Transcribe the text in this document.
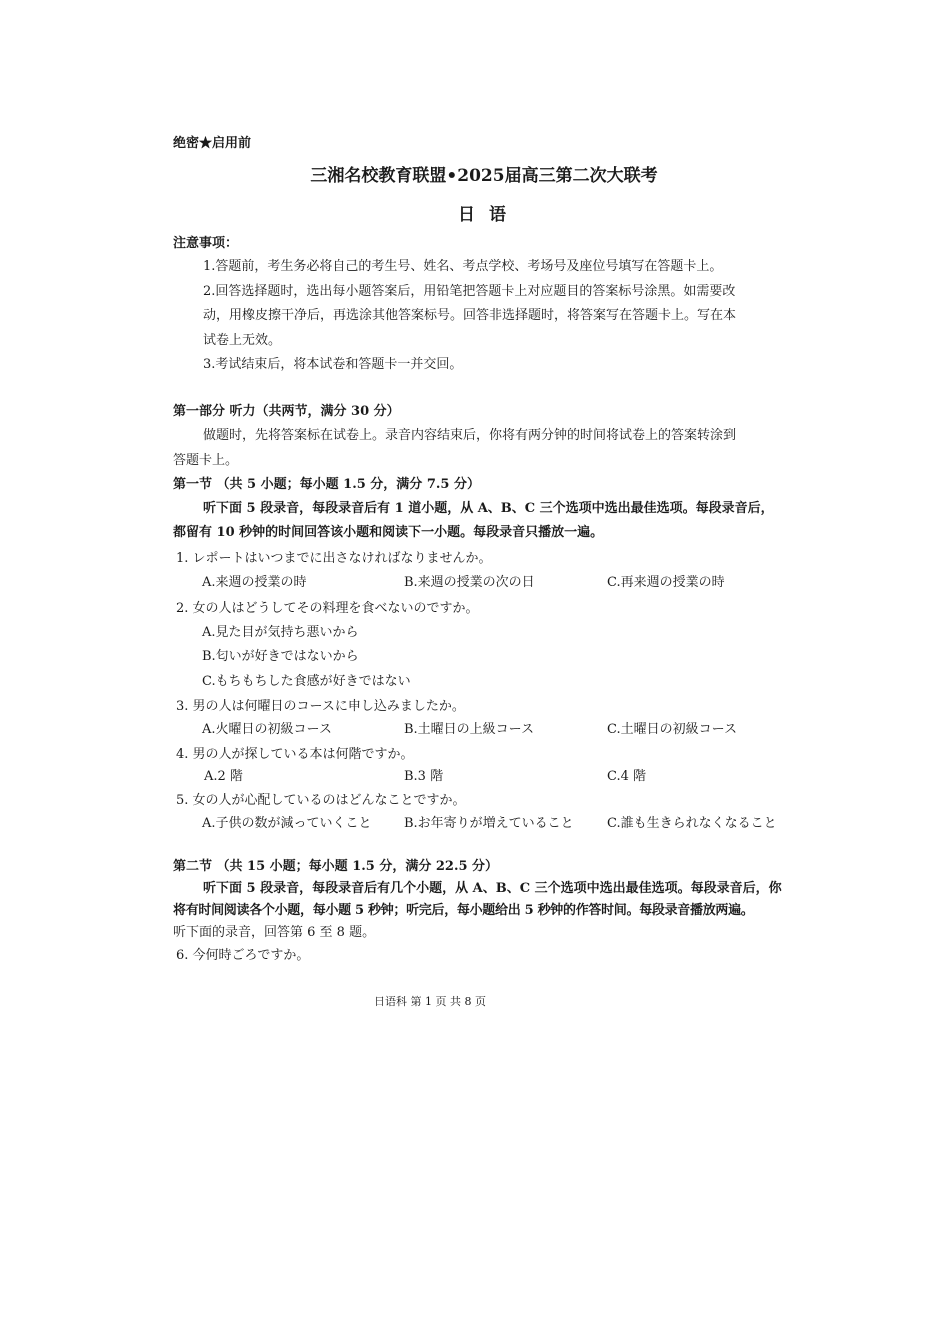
绝密★启用前
三湘名校教育联盟•2025届高三第二次大联考
日 语
注意事项：
1.答题前，考生务必将自己的考生号、姓名、考点学校、考场号及座位号填写在答题卡上。
2.回答选择题时，选出每小题答案后，用铅笔把答题卡上对应题目的答案标号涂黑。如需要改
动，用橡皮擦干净后，再选涂其他答案标号。回答非选择题时，将答案写在答题卡上。写在本
试卷上无效。
3.考试结束后，将本试卷和答题卡一并交回。
第一部分 听力（共两节，满分 30 分）
做题时，先将答案标在试卷上。录音内容结束后，你将有两分钟的时间将试卷上的答案转涂到
答题卡上。
第一节 （共 5 小题；每小题 1.5 分，满分 7.5 分）
听下面 5 段录音，每段录音后有 1 道小题，从 A、B、C 三个选项中选出最佳选项。每段录音后，
都留有 10 秒钟的时间回答该小题和阅读下一小题。每段录音只播放一遍。
1. レポートはいつまでに出さなければなりませんか。
A.来週の授業の時	B.来週の授業の次の日	C.再来週の授業の時
2. 女の人はどうしてその料理を食べないのですか。
A.見た目が気持ち悪いから
B.匂いが好きではないから
C.もちもちした食感が好きではない
3. 男の人は何曜日のコースに申し込みましたか。
A.火曜日の初級コース	B.土曜日の上級コース	C.土曜日の初級コース
4. 男の人が探している本は何階ですか。
A.2 階	B.3 階	C.4 階
5. 女の人が心配しているのはどんなことですか。
A.子供の数が減っていくこと B.お年寄りが増えていること	C.誰も生きられなくなること
第二节 （共 15 小题；每小题 1.5 分，满分 22.5 分）
听下面 5 段录音，每段录音后有几个小题，从 A、B、C 三个选项中选出最佳选项。每段录音后，你
将有时间阅读各个小题，每小题 5 秒钟；听完后，每小题给出 5 秒钟的作答时间。每段录音播放两遍。
听下面的录音，回答第 6 至 8 题。
6. 今何時ごろですか。
日语科 第 1 页 共 8 页
